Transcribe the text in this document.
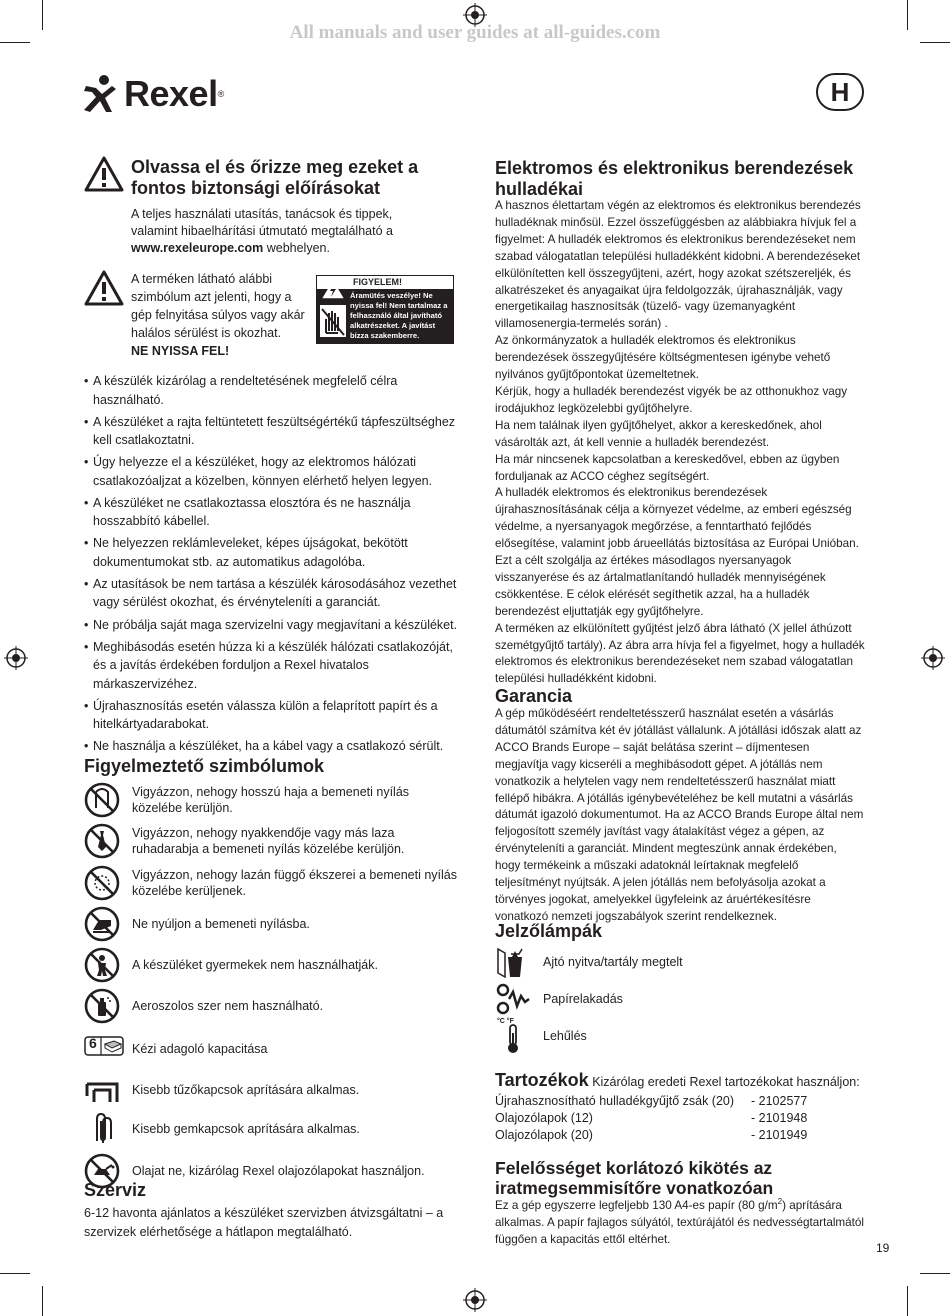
All manuals and user guides at all-guides.com
Rexel ®	H
Olvassa el és őrizze meg ezeket a fontos biztonsági előírásokat
A teljes használati utasítás, tanácsok és tippek, valamint hibaelhárítási útmutató megtalálható a www.rexeleurope.com webhelyen.
A terméken látható alábbi szimbólum azt jelenti, hogy a gép felnyitása súlyos vagy akár halálos sérülést is okozhat.
NE NYISSA FEL!
FIGYELEM!
Áramütés veszélye! Ne nyissa fel! Nem tartalmaz a felhasználó által javítható alkatrészeket. A javítást bízza szakemberre.
• A készülék kizárólag a rendeltetésének megfelelő célra használható.
• A készüléket a rajta feltüntetett feszültségértékű tápfeszültséghez kell csatlakoztatni.
• Úgy helyezze el a készüléket, hogy az elektromos hálózati csatlakozóaljzat a közelben, könnyen elérhető helyen legyen.
• A készüléket ne csatlakoztassa elosztóra és ne használja hosszabbító kábellel.
• Ne helyezzen reklámleveleket, képes újságokat, bekötött dokumentumokat stb. az automatikus adagolóba.
• Az utasítások be nem tartása a készülék károsodásához vezethet vagy sérülést okozhat, és érvényteleníti a garanciát.
• Ne próbálja saját maga szervizelni vagy megjavítani a készüléket.
• Meghibásodás esetén húzza ki a készülék hálózati csatlakozóját, és a javítás érdekében forduljon a Rexel hivatalos márkaszervizéhez.
• Újrahasznosítás esetén válassza külön a felaprított papírt és a hitelkártyadarabokat.
• Ne használja a készüléket, ha a kábel vagy a csatlakozó sérült.
Figyelmeztető szimbólumok
Vigyázzon, nehogy hosszú haja a bemeneti nyílás közelébe kerüljön.
Vigyázzon, nehogy nyakkendője vagy más laza ruhadarabja a bemeneti nyílás közelébe kerüljön.
Vigyázzon, nehogy lazán függő ékszerei a bemeneti nyílás közelébe kerüljenek.
Ne nyúljon a bemeneti nyílásba.
A készüléket gyermekek nem használhatják.
Aeroszolos szer nem használható.
6	Kézi adagoló kapacitása
Kisebb tűzőkapcsok aprítására alkalmas.
Kisebb gemkapcsok aprítására alkalmas.
Olajat ne, kizárólag Rexel olajozólapokat használjon.
Szerviz
6-12 havonta ajánlatos a készüléket szervizben átvizsgáltatni – a szervizek elérhetősége a hátlapon megtalálható.
Elektromos és elektronikus berendezések hulladékai
A hasznos élettartam végén az elektromos és elektronikus berendezés hulladéknak minősül. Ezzel összefüggésben az alábbiakra hívjuk fel a figyelmet: A hulladék elektromos és elektronikus berendezéseket nem szabad válogatatlan települési hulladékként kidobni. A berendezéseket elkülönítetten kell összegyűjteni, azért, hogy azokat szétszereljék, és alkatrészeket és anyagaikat újra feldolgozzák, újrahasználják, vagy energetikailag hasznosítsák (tüzelő- vagy üzemanyagként villamosenergia-termelés során) .
Az önkormányzatok a hulladék elektromos és elektronikus berendezések összegyűjtésére költségmentesen igénybe vehető nyilvános gyűjtőpontokat üzemeltetnek.
Kérjük, hogy a hulladék berendezést vigyék be az otthonukhoz vagy irodájukhoz legközelebbi gyűjtőhelyre.
Ha nem találnak ilyen gyűjtőhelyet, akkor a kereskedőnek, ahol vásárolták azt, át kell vennie a hulladék berendezést.
Ha már nincsenek kapcsolatban a kereskedővel, ebben az ügyben forduljanak az ACCO céghez segítségért.
A hulladék elektromos és elektronikus berendezések újrahasznosításának célja a környezet védelme, az emberi egészség védelme, a nyersanyagok megőrzése, a fenntartható fejlődés elősegítése, valamint jobb árueellátás biztosítása az Európai Unióban. Ezt a célt szolgálja az értékes másodlagos nyersanyagok visszanyerése és az ártalmatlanítandó hulladék mennyiségének csökkentése. E célok elérését segíthetik azzal, ha a hulladék berendezést eljuttatják egy gyűjtőhelyre.
A terméken az elkülönített gyűjtést jelző ábra látható (X jellel áthúzott szemétgyűjtő tartály). Az ábra arra hívja fel a figyelmet, hogy a hulladék elektromos és elektronikus berendezéseket nem szabad válogatatlan települési hulladékként kidobni.
Garancia
A gép működéséért rendeltetésszerű használat esetén a vásárlás dátumától számítva két év jótállást vállalunk. A jótállási időszak alatt az ACCO Brands Europe – saját belátása szerint – díjmentesen megjavítja vagy kicseréli a meghibásodott gépet. A jótállás nem vonatkozik a helytelen vagy nem rendeltetésszerű használat miatt fellépő hibákra. A jótállás igénybevételéhez be kell mutatni a vásárlás dátumát igazoló dokumentumot. Ha az ACCO Brands Europe által nem feljogosított személy javítást vagy átalakítást végez a gépen, az érvényteleníti a garanciát. Mindent megteszünk annak érdekében, hogy termékeink a műszaki adatoknál leírtaknak megfelelő teljesítményt nyújtsák. A jelen jótállás nem befolyásolja azokat a törvényes jogokat, amelyekkel ügyfeleink az áruértékesítésre vonatkozó nemzeti jogszabályok szerint rendelkeznek.
Jelzőlámpák
Ajtó nyitva/tartály megtelt
Papírelakadás
°C °F
Lehűlés
Tartozékok Kizárólag eredeti Rexel tartozékokat használjon:
Újrahasznosítható hulladékgyűjtő zsák (20)	- 2102577
Olajozólapok (12)	- 2101948
Olajozólapok (20)	- 2101949
Felelősséget korlátozó kikötés az iratmegsemmisítőre vonatkozóan
Ez a gép egyszerre legfeljebb 130 A4-es papír (80 $g/m^2$) aprítására alkalmas. A papír fajlagos súlyától, textúrájától és nedvességtartalmától függően a kapacitás ettől eltérhet.
19
